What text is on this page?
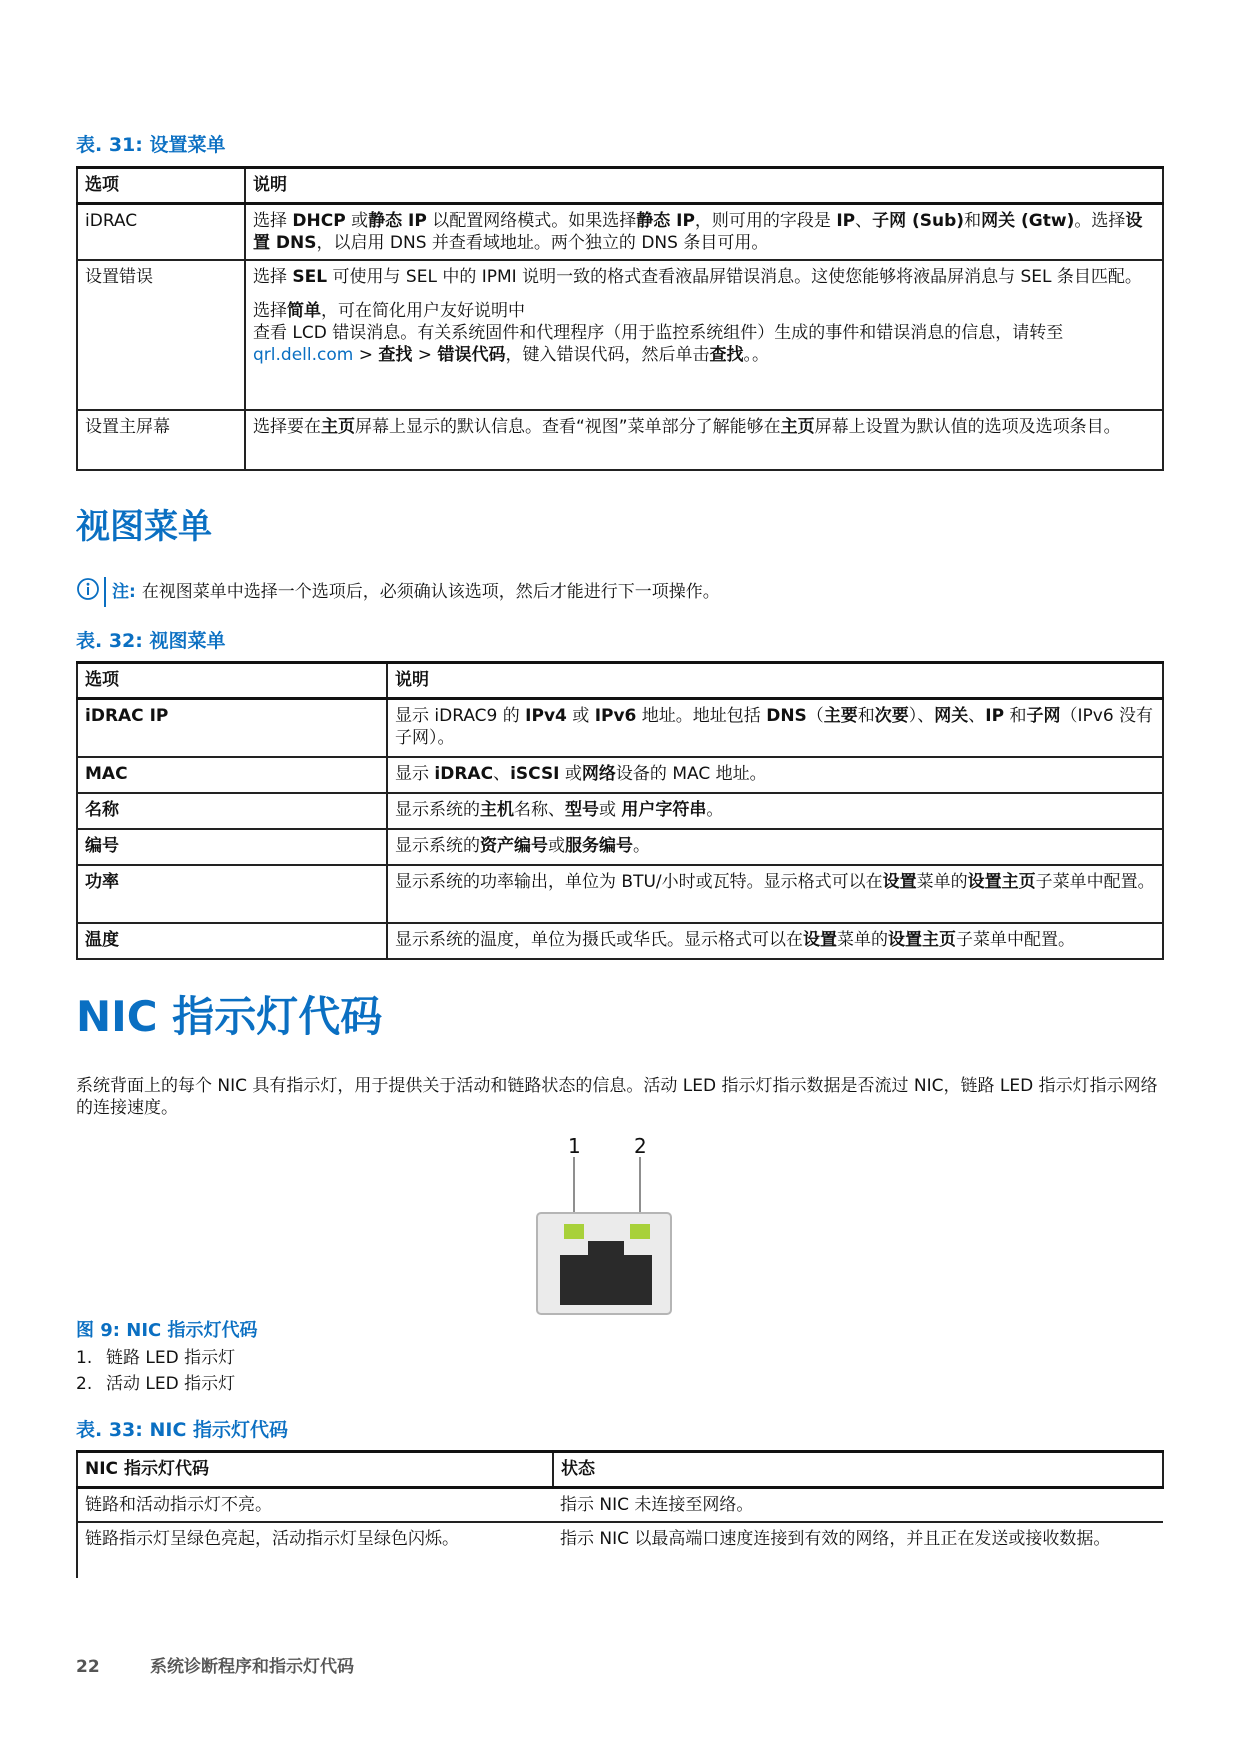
表. 31: 设置菜单
选项	说明
iDRAC	选择 DHCP 或静态 IP 以配置网络模式。如果选择静态 IP，则可用的字段是 IP、子网 (Sub)和网关 (Gtw)。选择设置 DNS，以启用 DNS 并查看域地址。两个独立的 DNS 条目可用。
设置错误	选择 SEL 可使用与 SEL 中的 IPMI 说明一致的格式查看液晶屏错误消息。这使您能够将液晶屏消息与 SEL 条目匹配。

选择简单，可在简化用户友好说明中
查看 LCD 错误消息。有关系统固件和代理程序（用于监控系统组件）生成的事件和错误消息的信息，请转至
qrl.dell.com > 查找 > 错误代码，键入错误代码，然后单击查找。。

设置主屏幕	选择要在主页屏幕上显示的默认信息。查看“视图”菜单部分了解能够在主页屏幕上设置为默认值的选项及选项条目。
视图菜单
注: 在视图菜单中选择一个选项后，必须确认该选项，然后才能进行下一项操作。
表. 32: 视图菜单
选项	说明
iDRAC IP	显示 iDRAC9 的 IPv4 或 IPv6 地址。地址包括 DNS（主要和次要）、网关、IP 和子网（IPv6 没有子网）。
MAC	显示 iDRAC、iSCSI 或网络设备的 MAC 地址。
名称	显示系统的主机名称、型号或 用户字符串。
编号	显示系统的资产编号或服务编号。
功率	显示系统的功率输出，单位为 BTU/小时或瓦特。显示格式可以在设置菜单的设置主页子菜单中配置。
温度	显示系统的温度，单位为摄氏或华氏。显示格式可以在设置菜单的设置主页子菜单中配置。
NIC 指示灯代码
系统背面上的每个 NIC 具有指示灯，用于提供关于活动和链路状态的信息。活动 LED 指示灯指示数据是否流过 NIC，链路 LED 指示灯指示网络的连接速度。
1	2
图 9: NIC 指示灯代码
1. 链路 LED 指示灯
2. 活动 LED 指示灯
表. 33: NIC 指示灯代码
NIC 指示灯代码	状态
链路和活动指示灯不亮。	指示 NIC 未连接至网络。
链路指示灯呈绿色亮起，活动指示灯呈绿色闪烁。	指示 NIC 以最高端口速度连接到有效的网络，并且正在发送或接收数据。
22	系统诊断程序和指示灯代码
